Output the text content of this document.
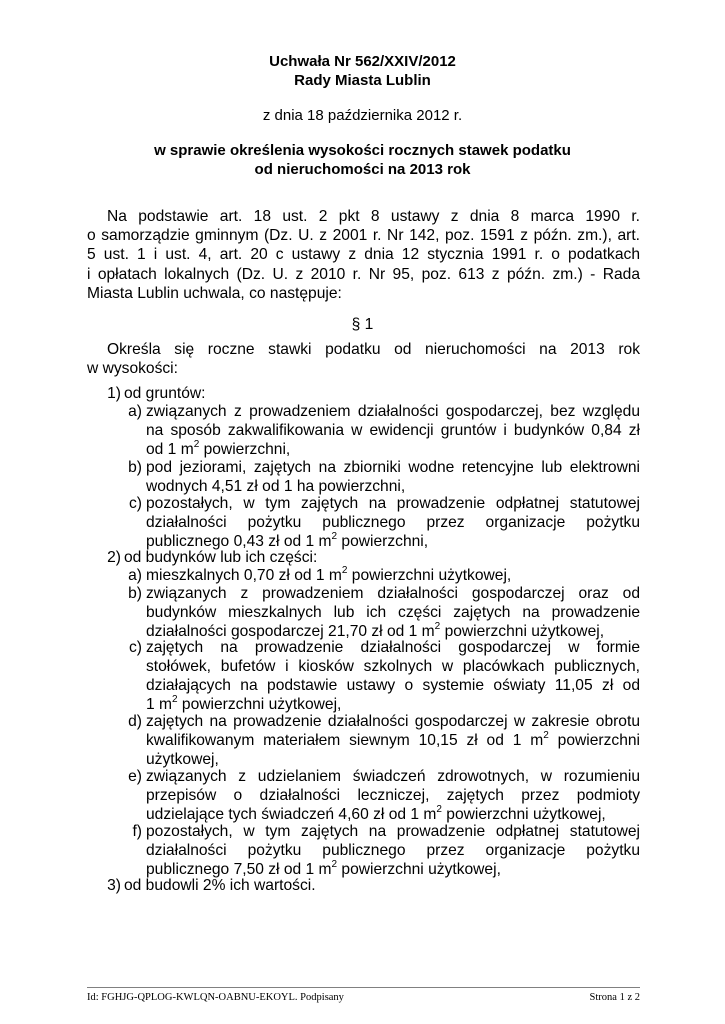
Uchwała Nr 562/XXIV/2012
Rady Miasta Lublin
z dnia 18 października 2012 r.
w sprawie określenia wysokości rocznych stawek podatku
od nieruchomości na 2013 rok
Na podstawie art. 18 ust. 2 pkt 8 ustawy z dnia 8 marca 1990 r.
o samorządzie gminnym (Dz. U. z 2001 r. Nr 142, poz. 1591 z późn. zm.), art.
5 ust. 1 i ust. 4, art. 20 c ustawy z dnia 12 stycznia 1991 r. o podatkach
i opłatach lokalnych (Dz. U. z 2010 r. Nr 95, poz. 613 z późn. zm.) - Rada
Miasta Lublin uchwala, co następuje:
§ 1
Określa się roczne stawki podatku od nieruchomości na 2013 rok
w wysokości:
1) od gruntów:
a) związanych z prowadzeniem działalności gospodarczej, bez względu
na sposób zakwalifikowania w ewidencji gruntów i budynków 0,84 zł
od 1 $m^2$ powierzchni,
b) pod jeziorami, zajętych na zbiorniki wodne retencyjne lub elektrowni
wodnych 4,51 zł od 1 ha powierzchni,
c) pozostałych, w tym zajętych na prowadzenie odpłatnej statutowej
działalności pożytku publicznego przez organizacje pożytku
publicznego 0,43 zł od 1 $m^2$ powierzchni,
2) od budynków lub ich części:
a) mieszkalnych 0,70 zł od 1 $m^2$ powierzchni użytkowej,
b) związanych z prowadzeniem działalności gospodarczej oraz od
budynków mieszkalnych lub ich części zajętych na prowadzenie
działalności gospodarczej 21,70 zł od 1 $m^2$ powierzchni użytkowej,
c) zajętych na prowadzenie działalności gospodarczej w formie
stołówek, bufetów i kiosków szkolnych w placówkach publicznych,
działających na podstawie ustawy o systemie oświaty 11,05 zł od
1 $m^2$ powierzchni użytkowej,
d) zajętych na prowadzenie działalności gospodarczej w zakresie obrotu
kwalifikowanym materiałem siewnym 10,15 zł od 1 $m^2$ powierzchni
użytkowej,
e) związanych z udzielaniem świadczeń zdrowotnych, w rozumieniu
przepisów o działalności leczniczej, zajętych przez podmioty
udzielające tych świadczeń 4,60 zł od 1 $m^2$ powierzchni użytkowej,
f) pozostałych, w tym zajętych na prowadzenie odpłatnej statutowej
działalności pożytku publicznego przez organizacje pożytku
publicznego 7,50 zł od 1 $m^2$ powierzchni użytkowej,
3) od budowli 2% ich wartości.
Id: FGHJG-QPLOG-KWLQN-OABNU-EKOYL. Podpisany	Strona 1 z 2
